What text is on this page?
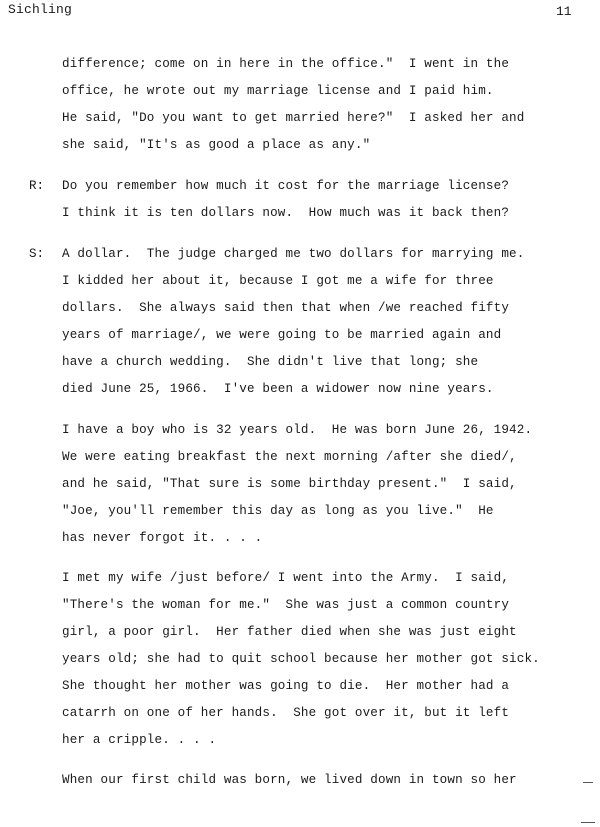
Sichling	11
difference; come on in here in the office."  I went in the
office, he wrote out my marriage license and I paid him.
He said, "Do you want to get married here?"  I asked her and
she said, "It's as good a place as any."
R: Do you remember how much it cost for the marriage license?
I think it is ten dollars now.  How much was it back then?
S: A dollar.  The judge charged me two dollars for marrying me.
I kidded her about it, because I got me a wife for three
dollars.  She always said then that when /we reached fifty
years of marriage/, we were going to be married again and
have a church wedding.  She didn't live that long; she
died June 25, 1966.  I've been a widower now nine years.
I have a boy who is 32 years old.  He was born June 26, 1942.
We were eating breakfast the next morning /after she died/,
and he said, "That sure is some birthday present."  I said,
"Joe, you'll remember this day as long as you live."  He
has never forgot it. . . .
I met my wife /just before/ I went into the Army.  I said,
"There's the woman for me."  She was just a common country
girl, a poor girl.  Her father died when she was just eight
years old; she had to quit school because her mother got sick.
She thought her mother was going to die.  Her mother had a
catarrh on one of her hands.  She got over it, but it left
her a cripple. . . .
When our first child was born, we lived down in town so her
